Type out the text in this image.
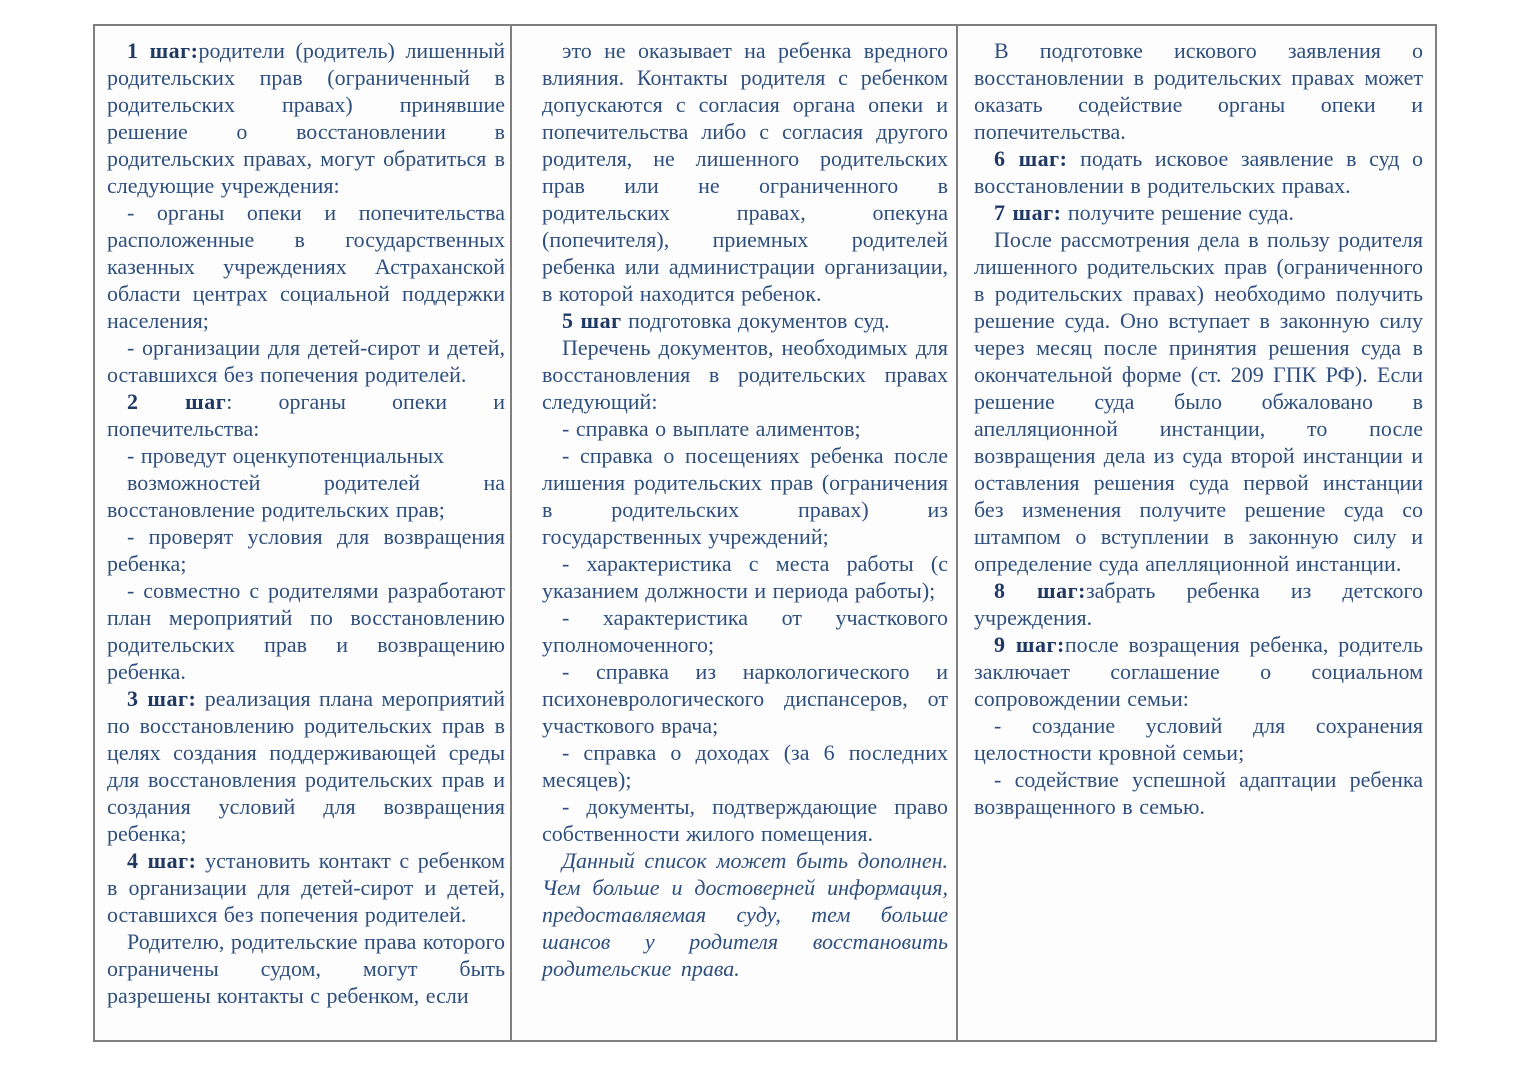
1 шаг:родители (родитель) лишенный родительских прав (ограниченный в родительских правах) принявшие решение о восстановлении в родительских правах, могут обратиться в следующие учреждения:

- органы опеки и попечительства расположенные в государственных казенных учреждениях Астраханской области центрах социальной поддержки населения;

- организации для детей-сирот и детей, оставшихся без попечения родителей.

2 шаг: органы опеки и попечительства:

- проведут оценкупотенциальных

возможностей родителей на восстановление родительских прав;

- проверят условия для возвращения ребенка;

- совместно с родителями разработают план мероприятий по восстановлению родительских прав и возвращению ребенка.

3 шаг: реализация плана мероприятий по восстановлению родительских прав в целях создания поддерживающей среды для восстановления родительских прав и создания условий для возвращения ребенка;

4 шаг: установить контакт с ребенком в организации для детей-сирот и детей, оставшихся без попечения родителей.

Родителю, родительские права которого ограничены судом, могут быть разрешены контакты с ребенком, если

это не оказывает на ребенка вредного влияния. Контакты родителя с ребенком допускаются с согласия органа опеки и попечительства либо с согласия другого родителя, не лишенного родительских прав или не ограниченного в родительских правах, опекуна (попечителя), приемных родителей ребенка или администрации организации, в которой находится ребенок.

5 шаг подготовка документов суд.

Перечень документов, необходимых для восстановления в родительских правах следующий:

- справка о выплате алиментов;

- справка о посещениях ребенка после лишения родительских прав (ограничения в родительских правах) из государственных учреждений;

- характеристика с места работы (с указанием должности и периода работы);

- характеристика от участкового уполномоченного;

- справка из наркологического и психоневрологического диспансеров, от участкового врача;

- справка о доходах (за 6 последних месяцев);

- документы, подтверждающие право собственности жилого помещения.

Данный список может быть дополнен. Чем больше и достоверней информация, предоставляемая суду, тем больше шансов у родителя восстановить родительские права.

В подготовке искового заявления о восстановлении в родительских правах может оказать содействие органы опеки и попечительства.

6 шаг: подать исковое заявление в суд о восстановлении в родительских правах.

7 шаг: получите решение суда.

После рассмотрения дела в пользу родителя лишенного родительских прав (ограниченного в родительских правах) необходимо получить решение суда. Оно вступает в законную силу через месяц после принятия решения суда в окончательной форме (ст. 209 ГПК РФ). Если решение суда было обжаловано в апелляционной инстанции, то после возвращения дела из суда второй инстанции и оставления решения суда первой инстанции без изменения получите решение суда со штампом о вступлении в законную силу и определение суда апелляционной инстанции.

8 шаг:забрать ребенка из детского учреждения.

9 шаг:после возращения ребенка, родитель заключает соглашение о социальном сопровождении семьи:

- создание условий для сохранения целостности кровной семьи;

- содействие успешной адаптации ребенка возвращенного в семью.
